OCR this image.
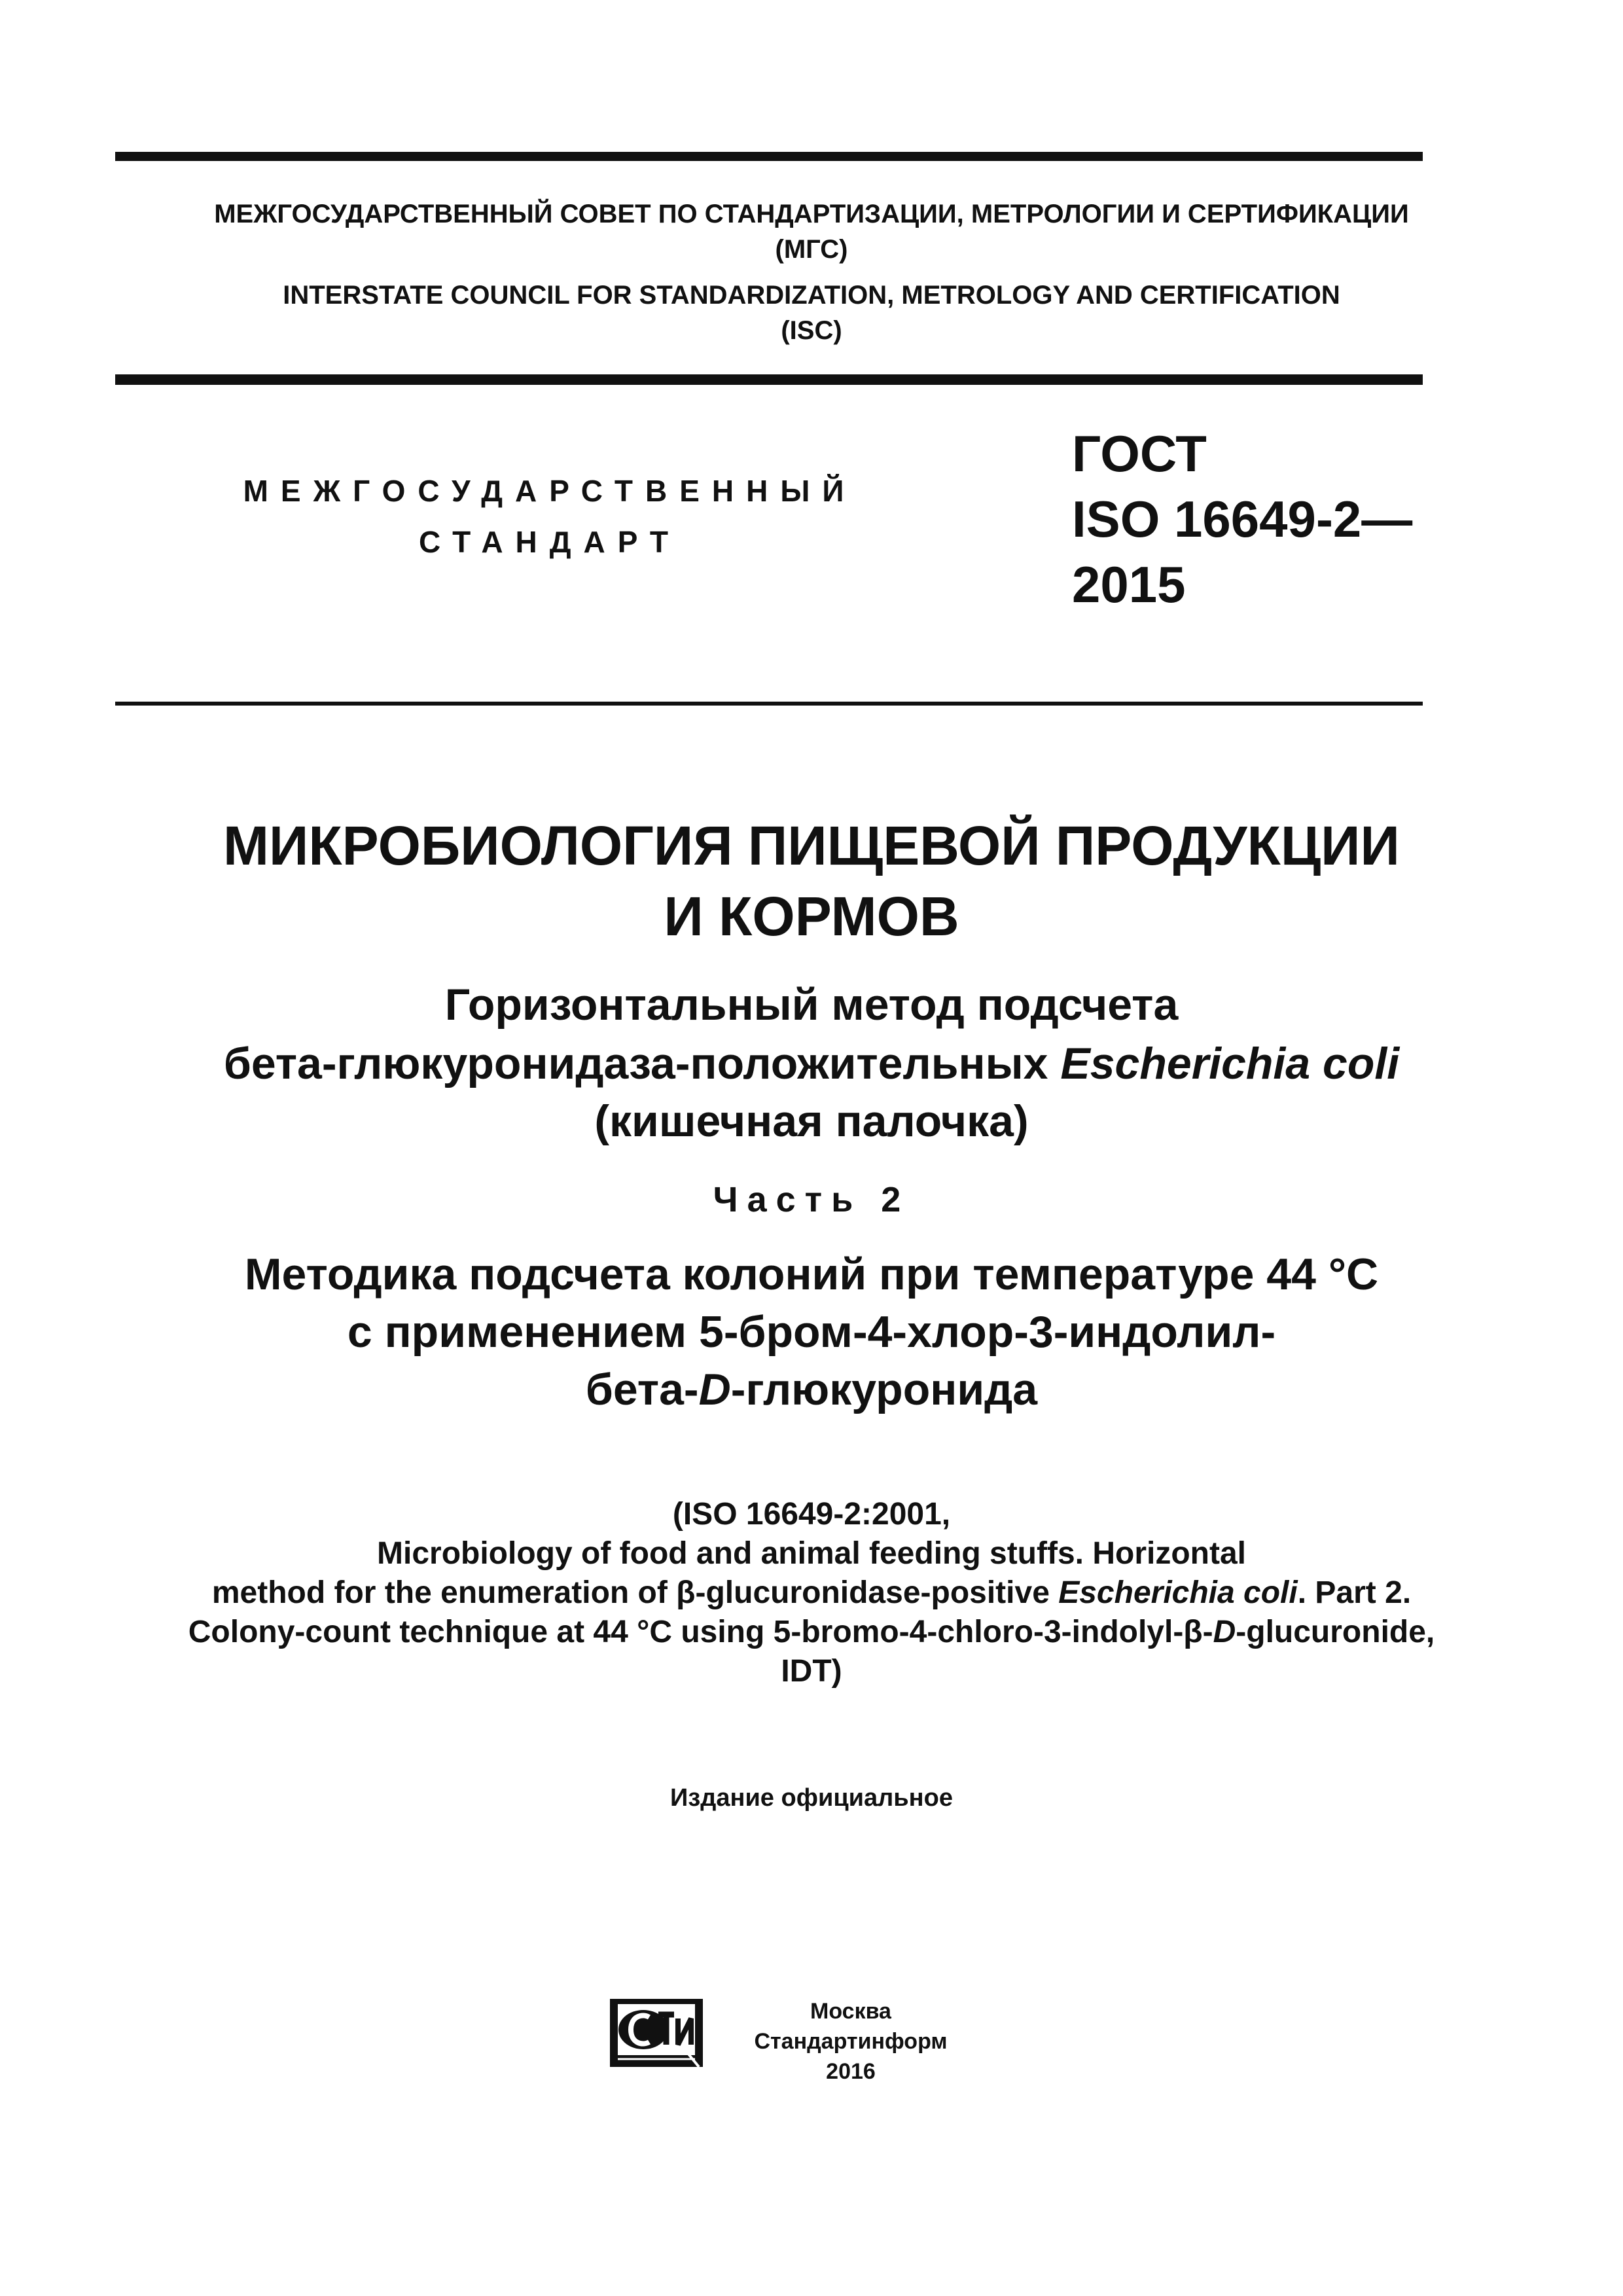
МЕЖГОСУДАРСТВЕННЫЙ СОВЕТ ПО СТАНДАРТИЗАЦИИ, МЕТРОЛОГИИ И СЕРТИФИКАЦИИ
(МГС)
INTERSTATE COUNCIL FOR STANDARDIZATION, METROLOGY AND CERTIFICATION
(ISC)
МЕЖГОСУДАРСТВЕННЫЙ
СТАНДАРТ
ГОСТ
ISO 16649-2—
2015
МИКРОБИОЛОГИЯ ПИЩЕВОЙ ПРОДУКЦИИ
И КОРМОВ
Горизонтальный метод подсчета
бета-глюкуронидаза-положительных Escherichia coli
(кишечная палочка)
Часть 2
Методика подсчета колоний при температуре 44 °С
с применением 5-бром-4-хлор-3-индолил-
бета-D-глюкуронида
(ISO 16649-2:2001,
Microbiology of food and animal feeding stuffs. Horizontal
method for the enumeration of β-glucuronidase-positive Escherichia coli. Part 2.
Colony-count technique at 44 °C using 5-bromo-4-chloro-3-indolyl-β-D-glucuronide,
IDT)
Издание официальное
Москва
Стандартинформ
2016
